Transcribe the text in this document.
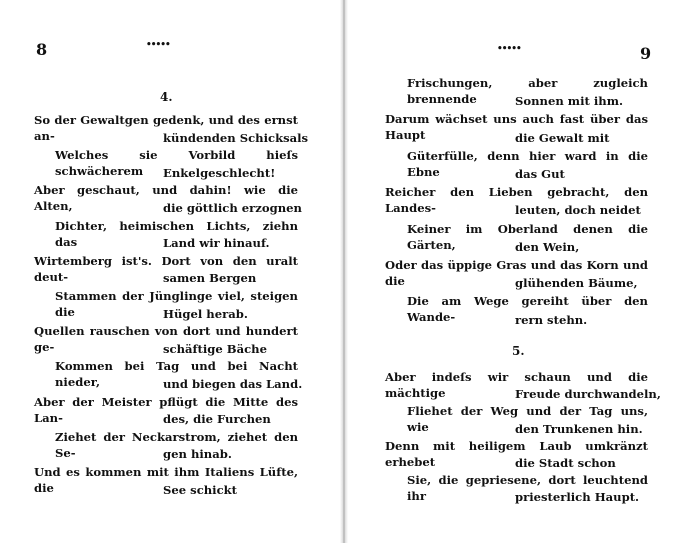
8	•••••
4.
So der Gewaltgen gedenk, und des ernst an-	kündenden Schicksals
Welches sie Vorbild hieſs schwächerem	Enkelgeschlecht!
Aber geschaut, und dahin! wie die Alten,	die göttlich erzognen
Dichter, heimischen Lichts, ziehn das	Land wir hinauf.
Wirtemberg ist's. Dort von den uralt deut-	samen Bergen
Stammen der Jünglinge viel, steigen die	Hügel herab.
Quellen rauschen von dort und hundert ge-	schäftige Bäche
Kommen bei Tag und bei Nacht nieder,	und biegen das Land.
Aber der Meister pflügt die Mitte des Lan-	des, die Furchen
Ziehet der Neckarstrom, ziehet den Se-	gen hinab.
Und es kommen mit ihm Italiens Lüfte, die	See schickt
•••••	9
Frischungen, aber zugleich brennende	Sonnen mit ihm.
Darum wächset uns auch fast über das Haupt	die Gewalt mit
Güterfülle, denn hier ward in die Ebne	das Gut
Reicher den Lieben gebracht, den Landes-	leuten, doch neidet
Keiner im Oberland denen die Gärten,	den Wein,
Oder das üppige Gras und das Korn und die	glühenden Bäume,
Die am Wege gereiht über den Wande-	rern stehn.
5.
Aber indeſs wir schaun und die mächtige	Freude durchwandeln,
Fliehet der Weg und der Tag uns, wie	den Trunkenen hin.
Denn mit heiligem Laub umkränzt erhebet	die Stadt schon
Sie, die gepriesene, dort leuchtend ihr	priesterlich Haupt.
